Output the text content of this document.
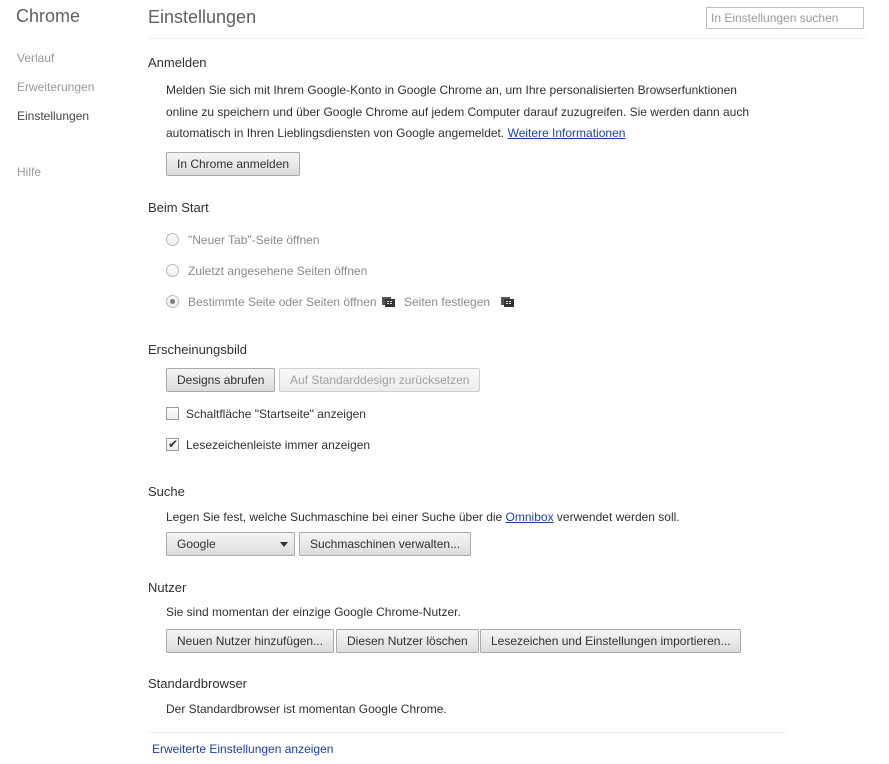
Chrome
Verlauf
Erweiterungen
Einstellungen
Hilfe
Einstellungen
In Einstellungen suchen
Anmelden
Melden Sie sich mit Ihrem Google-Konto in Google Chrome an, um Ihre personalisierten Browserfunktionen
online zu speichern und über Google Chrome auf jedem Computer darauf zuzugreifen. Sie werden dann auch
automatisch in Ihren Lieblingsdiensten von Google angemeldet. Weitere Informationen
In Chrome anmelden
Beim Start
"Neuer Tab"-Seite öffnen
Zuletzt angesehene Seiten öffnen
Bestimmte Seite oder Seiten öffnen Seiten festlegen
Erscheinungsbild
Designs abrufen	Auf Standarddesign zurücksetzen
Schaltfläche "Startseite" anzeigen
✔ Lesezeichenleiste immer anzeigen
Suche
Legen Sie fest, welche Suchmaschine bei einer Suche über die Omnibox verwendet werden soll.
Google	Suchmaschinen verwalten...
Nutzer
Sie sind momentan der einzige Google Chrome-Nutzer.
Neuen Nutzer hinzufügen...	Diesen Nutzer löschen	Lesezeichen und Einstellungen importieren...
Standardbrowser
Der Standardbrowser ist momentan Google Chrome.
Erweiterte Einstellungen anzeigen
